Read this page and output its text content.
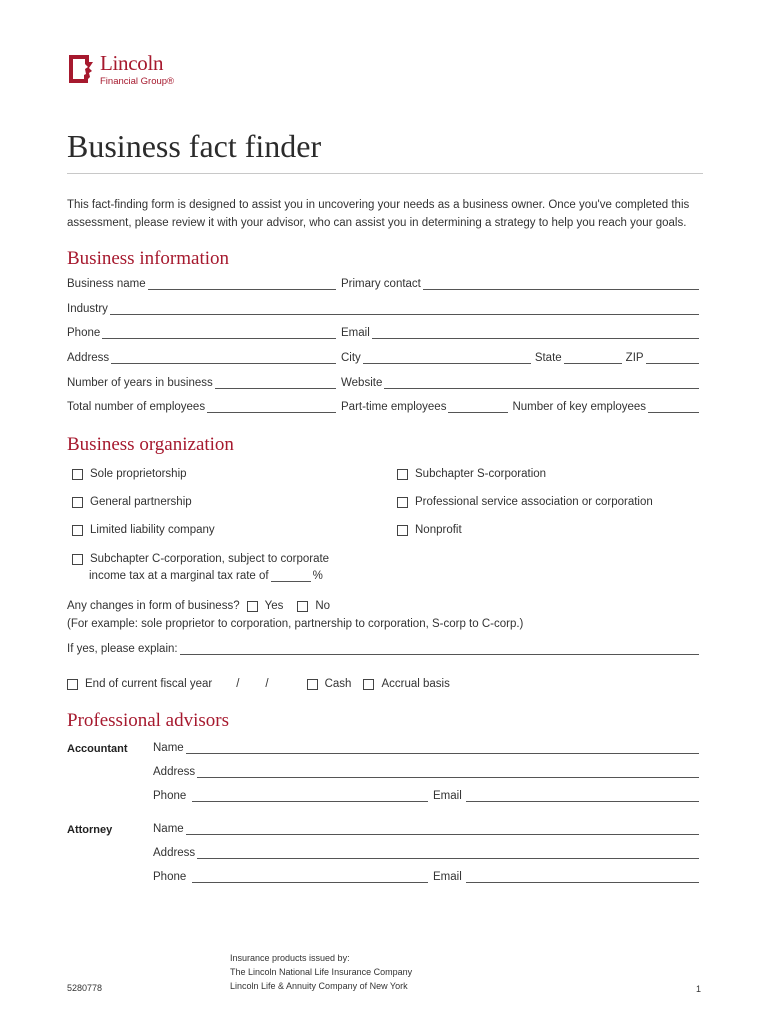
Lincoln
Financial Group®
Business fact finder
This fact-finding form is designed to assist you in uncovering your needs as a business owner. Once you've completed this assessment, please review it with your advisor, who can assist you in determining a strategy to help you reach your goals.
Business information
Business name	Primary contact
Industry
Phone	Email
Address	City	State	ZIP
Number of years in business	Website
Total number of employees	Part-time employees	Number of key employees
Business organization
Sole proprietorship	Subchapter S-corporation
General partnership	Professional service association or corporation
Limited liability company	Nonprofit
Subchapter C-corporation, subject to corporate
income tax at a marginal tax rate of	%
Any changes in form of business? Yes	No
(For example: sole proprietor to corporation, partnership to corporation, S-corp to C-corp.)
If yes, please explain:
End of current fiscal year / /	Cash	Accrual basis
Professional advisors
Accountant Name
Address
Phone	Email
Attorney	Name
Address
Phone	Email
5280778
Insurance products issued by:
The Lincoln National Life Insurance Company
Lincoln Life & Annuity Company of New York	1
